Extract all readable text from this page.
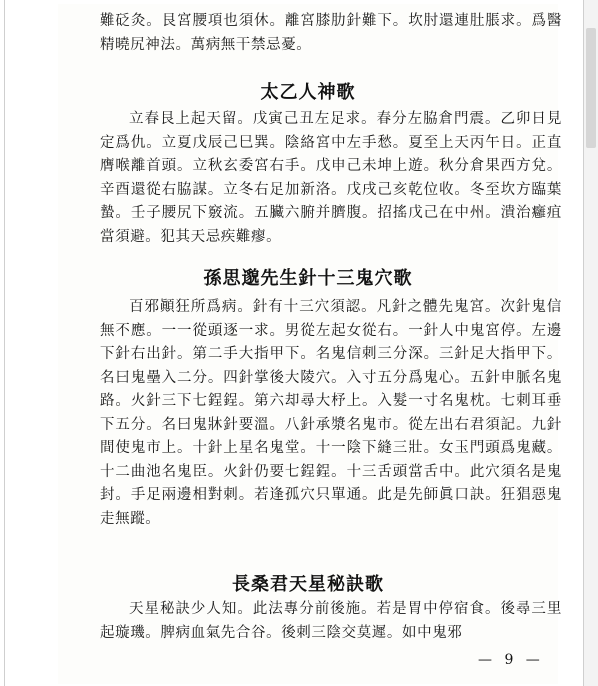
難砭灸。艮宮腰項也須休。離宮膝肋針難下。坎肘還連肚脹求。爲醫精曉尻神法。萬病無干禁忌憂。

太乙人神歌

立春艮上起天留。戊寅己丑左足求。春分左脇倉門震。乙卯日見定爲仇。立夏戊辰己巳巽。陰絡宮中左手愁。夏至上天丙午日。正直膺喉離首頭。立秋玄委宮右手。戊申己未坤上遊。秋分倉果西方兌。辛酉還從右脇謀。立冬右足加新洛。戊戌己亥乾位收。冬至坎方臨葉蟄。壬子腰尻下竅流。五臟六腑并臍腹。招搖戊己在中州。潰治癰疽當須避。犯其天忌疾難瘳。

孫思邈先生針十三鬼穴歌

百邪顚狂所爲病。針有十三穴須認。凡針之體先鬼宮。次針鬼信無不應。一一從頭逐一求。男從左起女從右。一針人中鬼宮停。左邊下針右出針。第二手大指甲下。名鬼信刺三分深。三針足大指甲下。名曰鬼壘入二分。四針掌後大陵穴。入寸五分爲鬼心。五針申脈名鬼路。火針三下七鋥鋥。第六却尋大杼上。入髮一寸名鬼枕。七刺耳垂下五分。名曰鬼牀針要溫。八針承漿名鬼市。從左出右君須記。九針間使鬼市上。十針上星名鬼堂。十一陰下縫三壯。女玉門頭爲鬼藏。十二曲池名鬼臣。火針仍要七鋥鋥。十三舌頭當舌中。此穴須名是鬼封。手足兩邊相對刺。若逢孤穴只單通。此是先師眞口訣。狂猖惡鬼走無蹤。

長桑君天星秘訣歌

天星秘訣少人知。此法專分前後施。若是胃中停宿食。後尋三里起璇璣。脾病血氣先合谷。後刺三陰交莫遲。如中鬼邪

— 9 —
